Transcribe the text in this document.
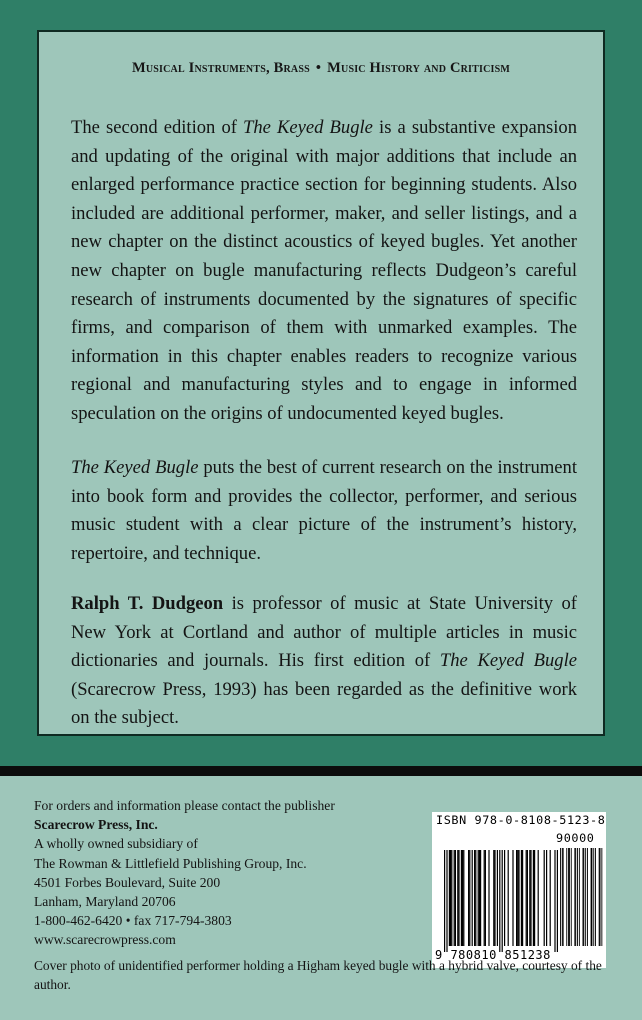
Musical Instruments, Brass • Music History and Criticism

The second edition of The Keyed Bugle is a substantive expansion and updating of the original with major additions that include an enlarged performance practice section for beginning students. Also included are additional performer, maker, and seller listings, and a new chapter on the distinct acoustics of keyed bugles. Yet another new chapter on bugle manufacturing reflects Dudgeon’s careful research of instruments documented by the signatures of specific firms, and comparison of them with unmarked examples. The information in this chapter enables readers to recognize various regional and manufacturing styles and to engage in informed speculation on the origins of undocumented keyed bugles.

The Keyed Bugle puts the best of current research on the instrument into book form and provides the collector, performer, and serious music student with a clear picture of the instrument’s history, repertoire, and technique.

Ralph T. Dudgeon is professor of music at State University of New York at Cortland and author of multiple articles in music dictionaries and journals. His first edition of The Keyed Bugle (Scarecrow Press, 1993) has been regarded as the definitive work on the subject.

For orders and information please contact the publisher
Scarecrow Press, Inc.
A wholly owned subsidiary of
The Rowman & Littlefield Publishing Group, Inc.
4501 Forbes Boulevard, Suite 200
Lanham, Maryland 20706
1-800-462-6420 • fax 717-794-3803
www.scarecrowpress.com
ISBN 978-0-8108-5123-8
90000
9 780810 851238

Cover photo of unidentified performer holding a Higham keyed bugle with a hybrid valve, courtesy of the author.
